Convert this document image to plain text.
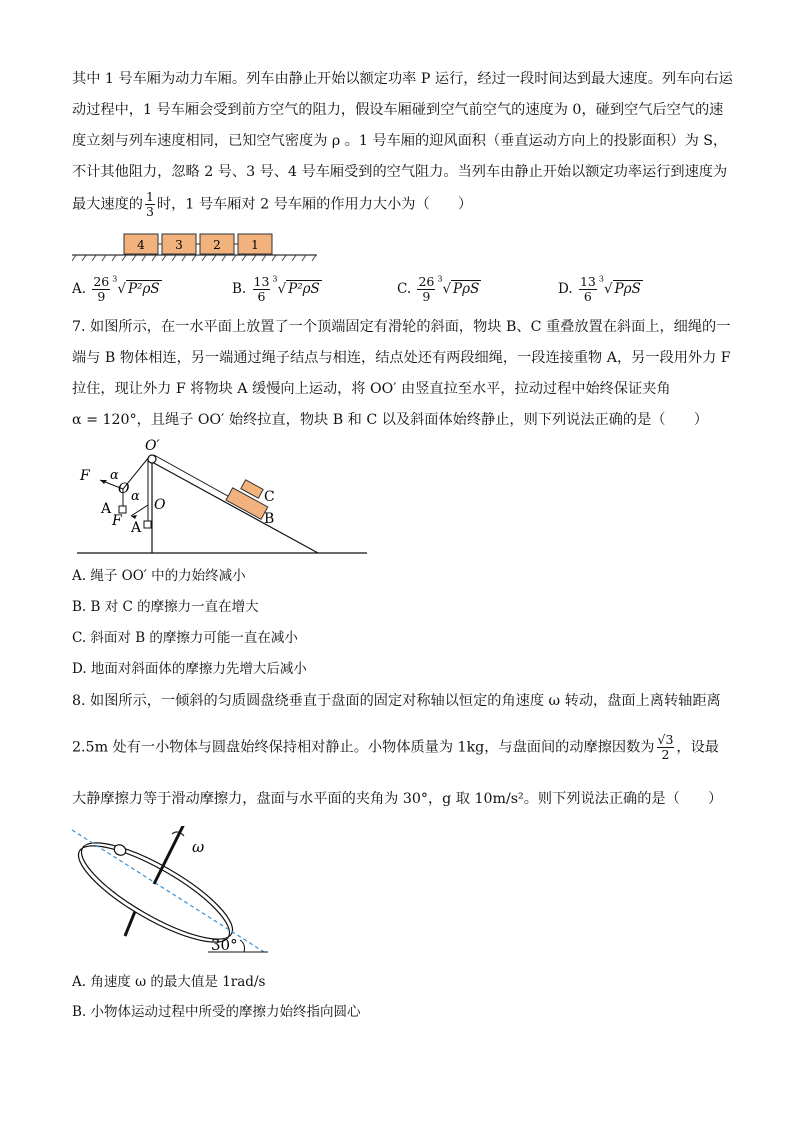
其中 1 号车厢为动力车厢。列车由静止开始以额定功率 P 运行，经过一段时间达到最大速度。列车向右运
动过程中，1 号车厢会受到前方空气的阻力，假设车厢碰到空气前空气的速度为 0，碰到空气后空气的速
度立刻与列车速度相同，已知空气密度为 ρ 。1 号车厢的迎风面积（垂直运动方向上的投影面积）为 S，
不计其他阻力，忽略 2 号、3 号、4 号车厢受到的空气阻力。当列车由静止开始以额定功率运行到速度为
最大速度的 $\frac{1}{3}$ 时，1 号车厢对 2 号车厢的作用力大小为（　　）
4	3	2	1
A. $\frac{26}{9} ^3√$ P²ρS	B. $\frac{13}{6} ^3√$ P²ρS	C. $\frac{26}{9} ^3√$ PρS	D. $\frac{13}{6} ^3√$ PρS
7. 如图所示，在一水平面上放置了一个顶端固定有滑轮的斜面，物块 B、C 重叠放置在斜面上，细绳的一
端与 B 物体相连，另一端通过绳子结点与相连，结点处还有两段细绳，一段连接重物 A，另一段用外力 F
拉住，现让外力 F 将物块 A 缓慢向上运动，将 OO′ 由竖直拉至水平，拉动过程中始终保证夹角
α = 120°，且绳子 OO′ 始终拉直，物块 B 和 C 以及斜面体始终静止，则下列说法正确的是（　　）
O′
O
O
F
F
α
α
A
A
C
B
A. 绳子 OO′ 中的力始终减小
B. B 对 C 的摩擦力一直在增大
C. 斜面对 B 的摩擦力可能一直在减小
D. 地面对斜面体的摩擦力先增大后减小
8. 如图所示，一倾斜的匀质圆盘绕垂直于盘面的固定对称轴以恒定的角速度 ω 转动，盘面上离转轴距离
2.5m 处有一小物体与圆盘始终保持相对静止。小物体质量为 1kg，与盘面间的动摩擦因数为 $\frac{√3}{2}$ ，设最
大静摩擦力等于滑动摩擦力，盘面与水平面的夹角为 30°，g 取 10m/s²。则下列说法正确的是（　　）
ω
30°
A. 角速度 ω 的最大值是 1rad/s
B. 小物体运动过程中所受的摩擦力始终指向圆心
